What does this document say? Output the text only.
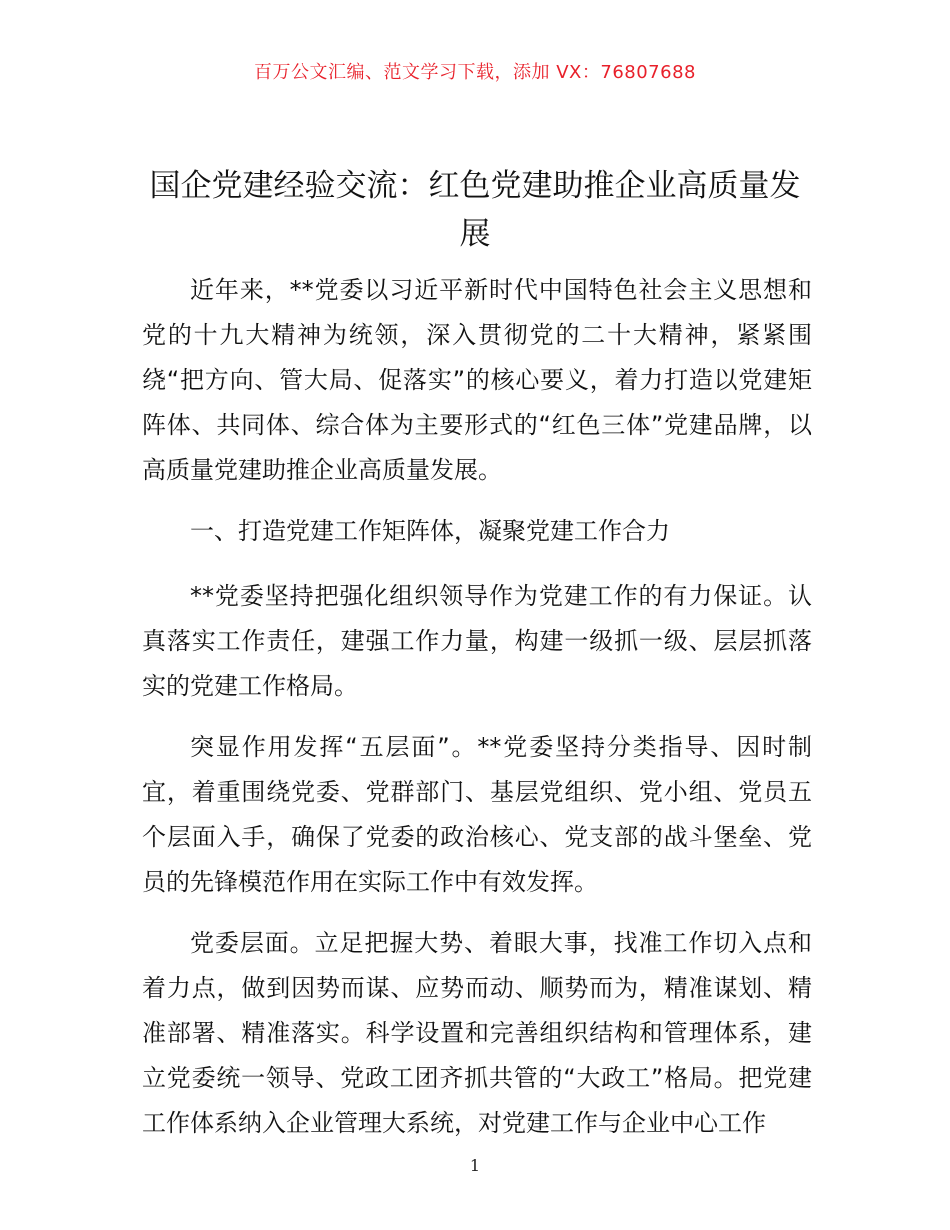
百万公文汇编、范文学习下载，添加 VX：76807688
国企党建经验交流：红色党建助推企业高质量发展

近年来，**党委以习近平新时代中国特色社会主义思想和党的十九大精神为统领，深入贯彻党的二十大精神，紧紧围绕“把方向、管大局、促落实”的核心要义，着力打造以党建矩阵体、共同体、综合体为主要形式的“红色三体”党建品牌，以高质量党建助推企业高质量发展。

一、打造党建工作矩阵体，凝聚党建工作合力

**党委坚持把强化组织领导作为党建工作的有力保证。认真落实工作责任，建强工作力量，构建一级抓一级、层层抓落实的党建工作格局。

突显作用发挥“五层面”。**党委坚持分类指导、因时制宜，着重围绕党委、党群部门、基层党组织、党小组、党员五个层面入手，确保了党委的政治核心、党支部的战斗堡垒、党员的先锋模范作用在实际工作中有效发挥。

党委层面。立足把握大势、着眼大事，找准工作切入点和着力点，做到因势而谋、应势而动、顺势而为，精准谋划、精准部署、精准落实。科学设置和完善组织结构和管理体系，建立党委统一领导、党政工团齐抓共管的“大政工”格局。把党建工作体系纳入企业管理大系统，对党建工作与企业中心工作

1
